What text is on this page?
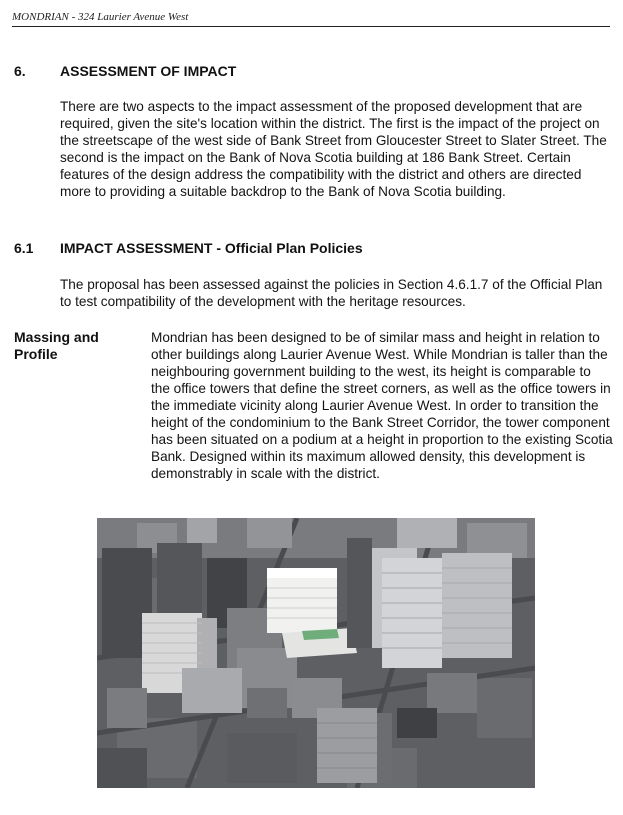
MONDRIAN - 324 Laurier Avenue West
6. ASSESSMENT OF IMPACT

There are two aspects to the impact assessment of the proposed development that are required, given the site's location within the district. The first is the impact of the project on the streetscape of the west side of Bank Street from Gloucester Street to Slater Street. The second is the impact on the Bank of Nova Scotia building at 186 Bank Street. Certain features of the design address the compatibility with the district and others are directed more to providing a suitable backdrop to the Bank of Nova Scotia building.

6.1 IMPACT ASSESSMENT - Official Plan Policies

The proposal has been assessed against the policies in Section 4.6.1.7 of the Official Plan to test compatibility of the development with the heritage resources.

Massing and
Profile

Mondrian has been designed to be of similar mass and height in relation to other buildings along Laurier Avenue West. While Mondrian is taller than the neighbouring government building to the west, its height is comparable to the office towers that define the street corners, as well as the office towers in the immediate vicinity along Laurier Avenue West. In order to transition the height of the condominium to the Bank Street Corridor, the tower component has been situated on a podium at a height in proportion to the existing Scotia Bank. Designed within its maximum allowed density, this development is demonstrably in scale with the district.
